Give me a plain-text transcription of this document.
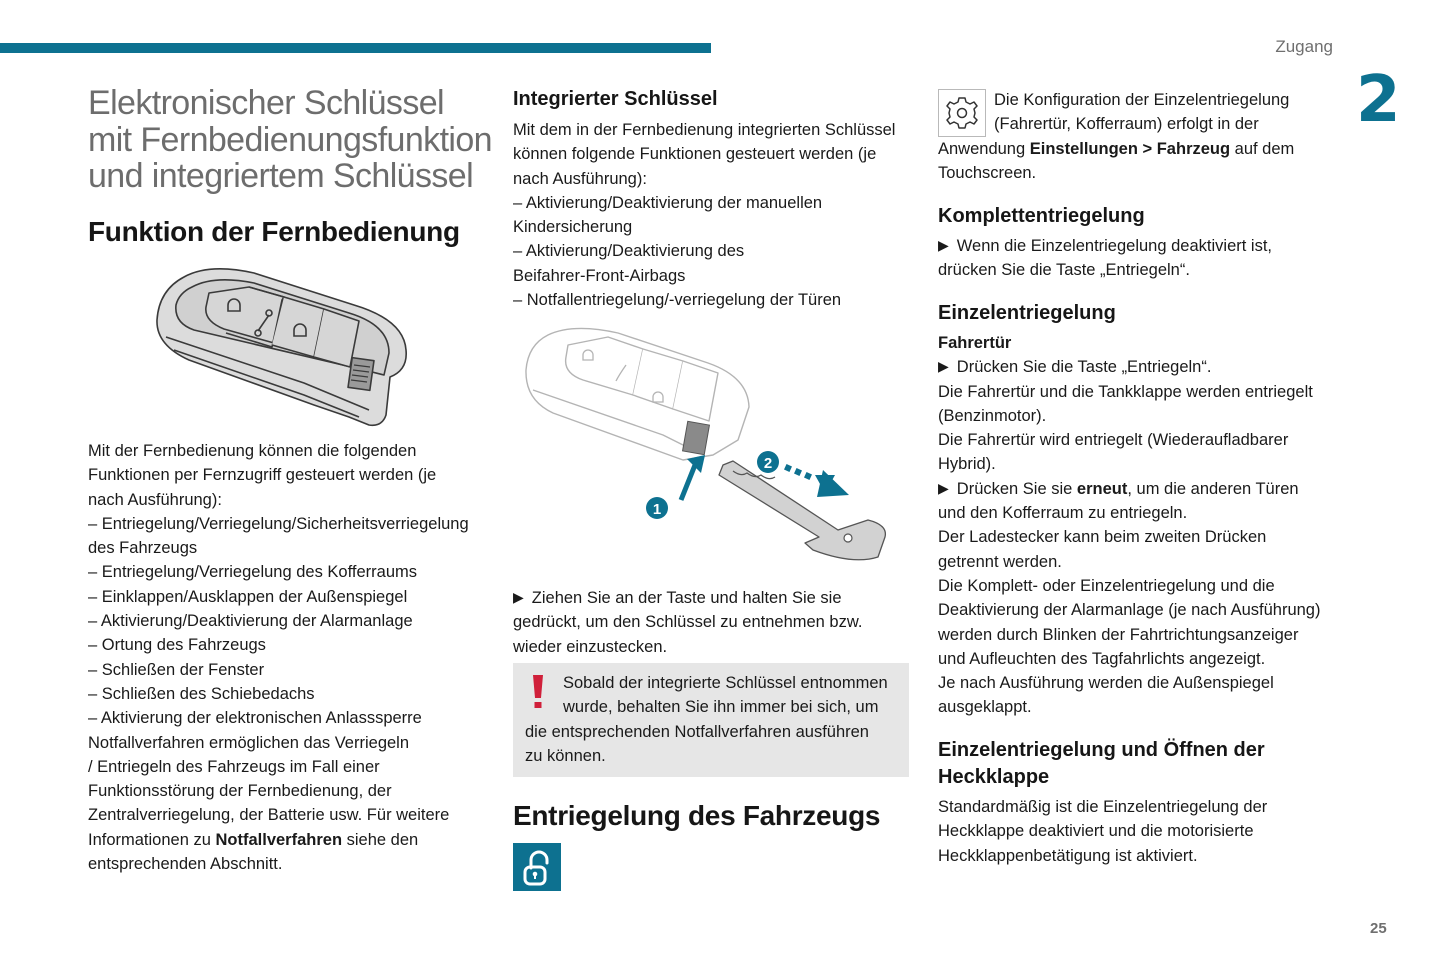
Zugang
2
25
Elektronischer Schlüssel
mit Fernbedienungsfunktion
und integriertem Schlüssel
Funktion der Fernbedienung
Mit der Fernbedienung können die folgenden
Funktionen per Fernzugriff gesteuert werden (je
nach Ausführung):
– Entriegelung/Verriegelung/Sicherheitsverriegelung
des Fahrzeugs
– Entriegelung/Verriegelung des Kofferraums
– Einklappen/Ausklappen der Außenspiegel
– Aktivierung/Deaktivierung der Alarmanlage
– Ortung des Fahrzeugs
– Schließen der Fenster
– Schließen des Schiebedachs
– Aktivierung der elektronischen Anlasssperre
Notfallverfahren ermöglichen das Verriegeln
/ Entriegeln des Fahrzeugs im Fall einer
Funktionsstörung der Fernbedienung, der
Zentralverriegelung, der Batterie usw. Für weitere
Informationen zu Notfallverfahren siehe den
entsprechenden Abschnitt.
Integrierter Schlüssel
Mit dem in der Fernbedienung integrierten Schlüssel
können folgende Funktionen gesteuert werden (je
nach Ausführung):
– Aktivierung/Deaktivierung der manuellen
Kindersicherung
– Aktivierung/Deaktivierung des
Beifahrer-Front-Airbags
– Notfallentriegelung/-verriegelung der Türen
1
2
▶ Ziehen Sie an der Taste und halten Sie sie
gedrückt, um den Schlüssel zu entnehmen bzw.
wieder einzustecken.
Sobald der integrierte Schlüssel entnommen
wurde, behalten Sie ihn immer bei sich, um
die entsprechenden Notfallverfahren ausführen
zu können.
Entriegelung des Fahrzeugs
Die Konfiguration der Einzelentriegelung
(Fahrertür, Kofferraum) erfolgt in der
Anwendung Einstellungen > Fahrzeug auf dem
Touchscreen.
Komplettentriegelung
▶ Wenn die Einzelentriegelung deaktiviert ist,
drücken Sie die Taste „Entriegeln“.
Einzelentriegelung
Fahrertür
▶ Drücken Sie die Taste „Entriegeln“.
Die Fahrertür und die Tankklappe werden entriegelt
(Benzinmotor).
Die Fahrertür wird entriegelt (Wiederaufladbarer
Hybrid).
▶ Drücken Sie sie erneut, um die anderen Türen
und den Kofferraum zu entriegeln.
Der Ladestecker kann beim zweiten Drücken
getrennt werden.
Die Komplett- oder Einzelentriegelung und die
Deaktivierung der Alarmanlage (je nach Ausführung)
werden durch Blinken der Fahrtrichtungsanzeiger
und Aufleuchten des Tagfahrlichts angezeigt.
Je nach Ausführung werden die Außenspiegel
ausgeklappt.
Einzelentriegelung und Öffnen der
Heckklappe
Standardmäßig ist die Einzelentriegelung der
Heckklappe deaktiviert und die motorisierte
Heckklappenbetätigung ist aktiviert.
